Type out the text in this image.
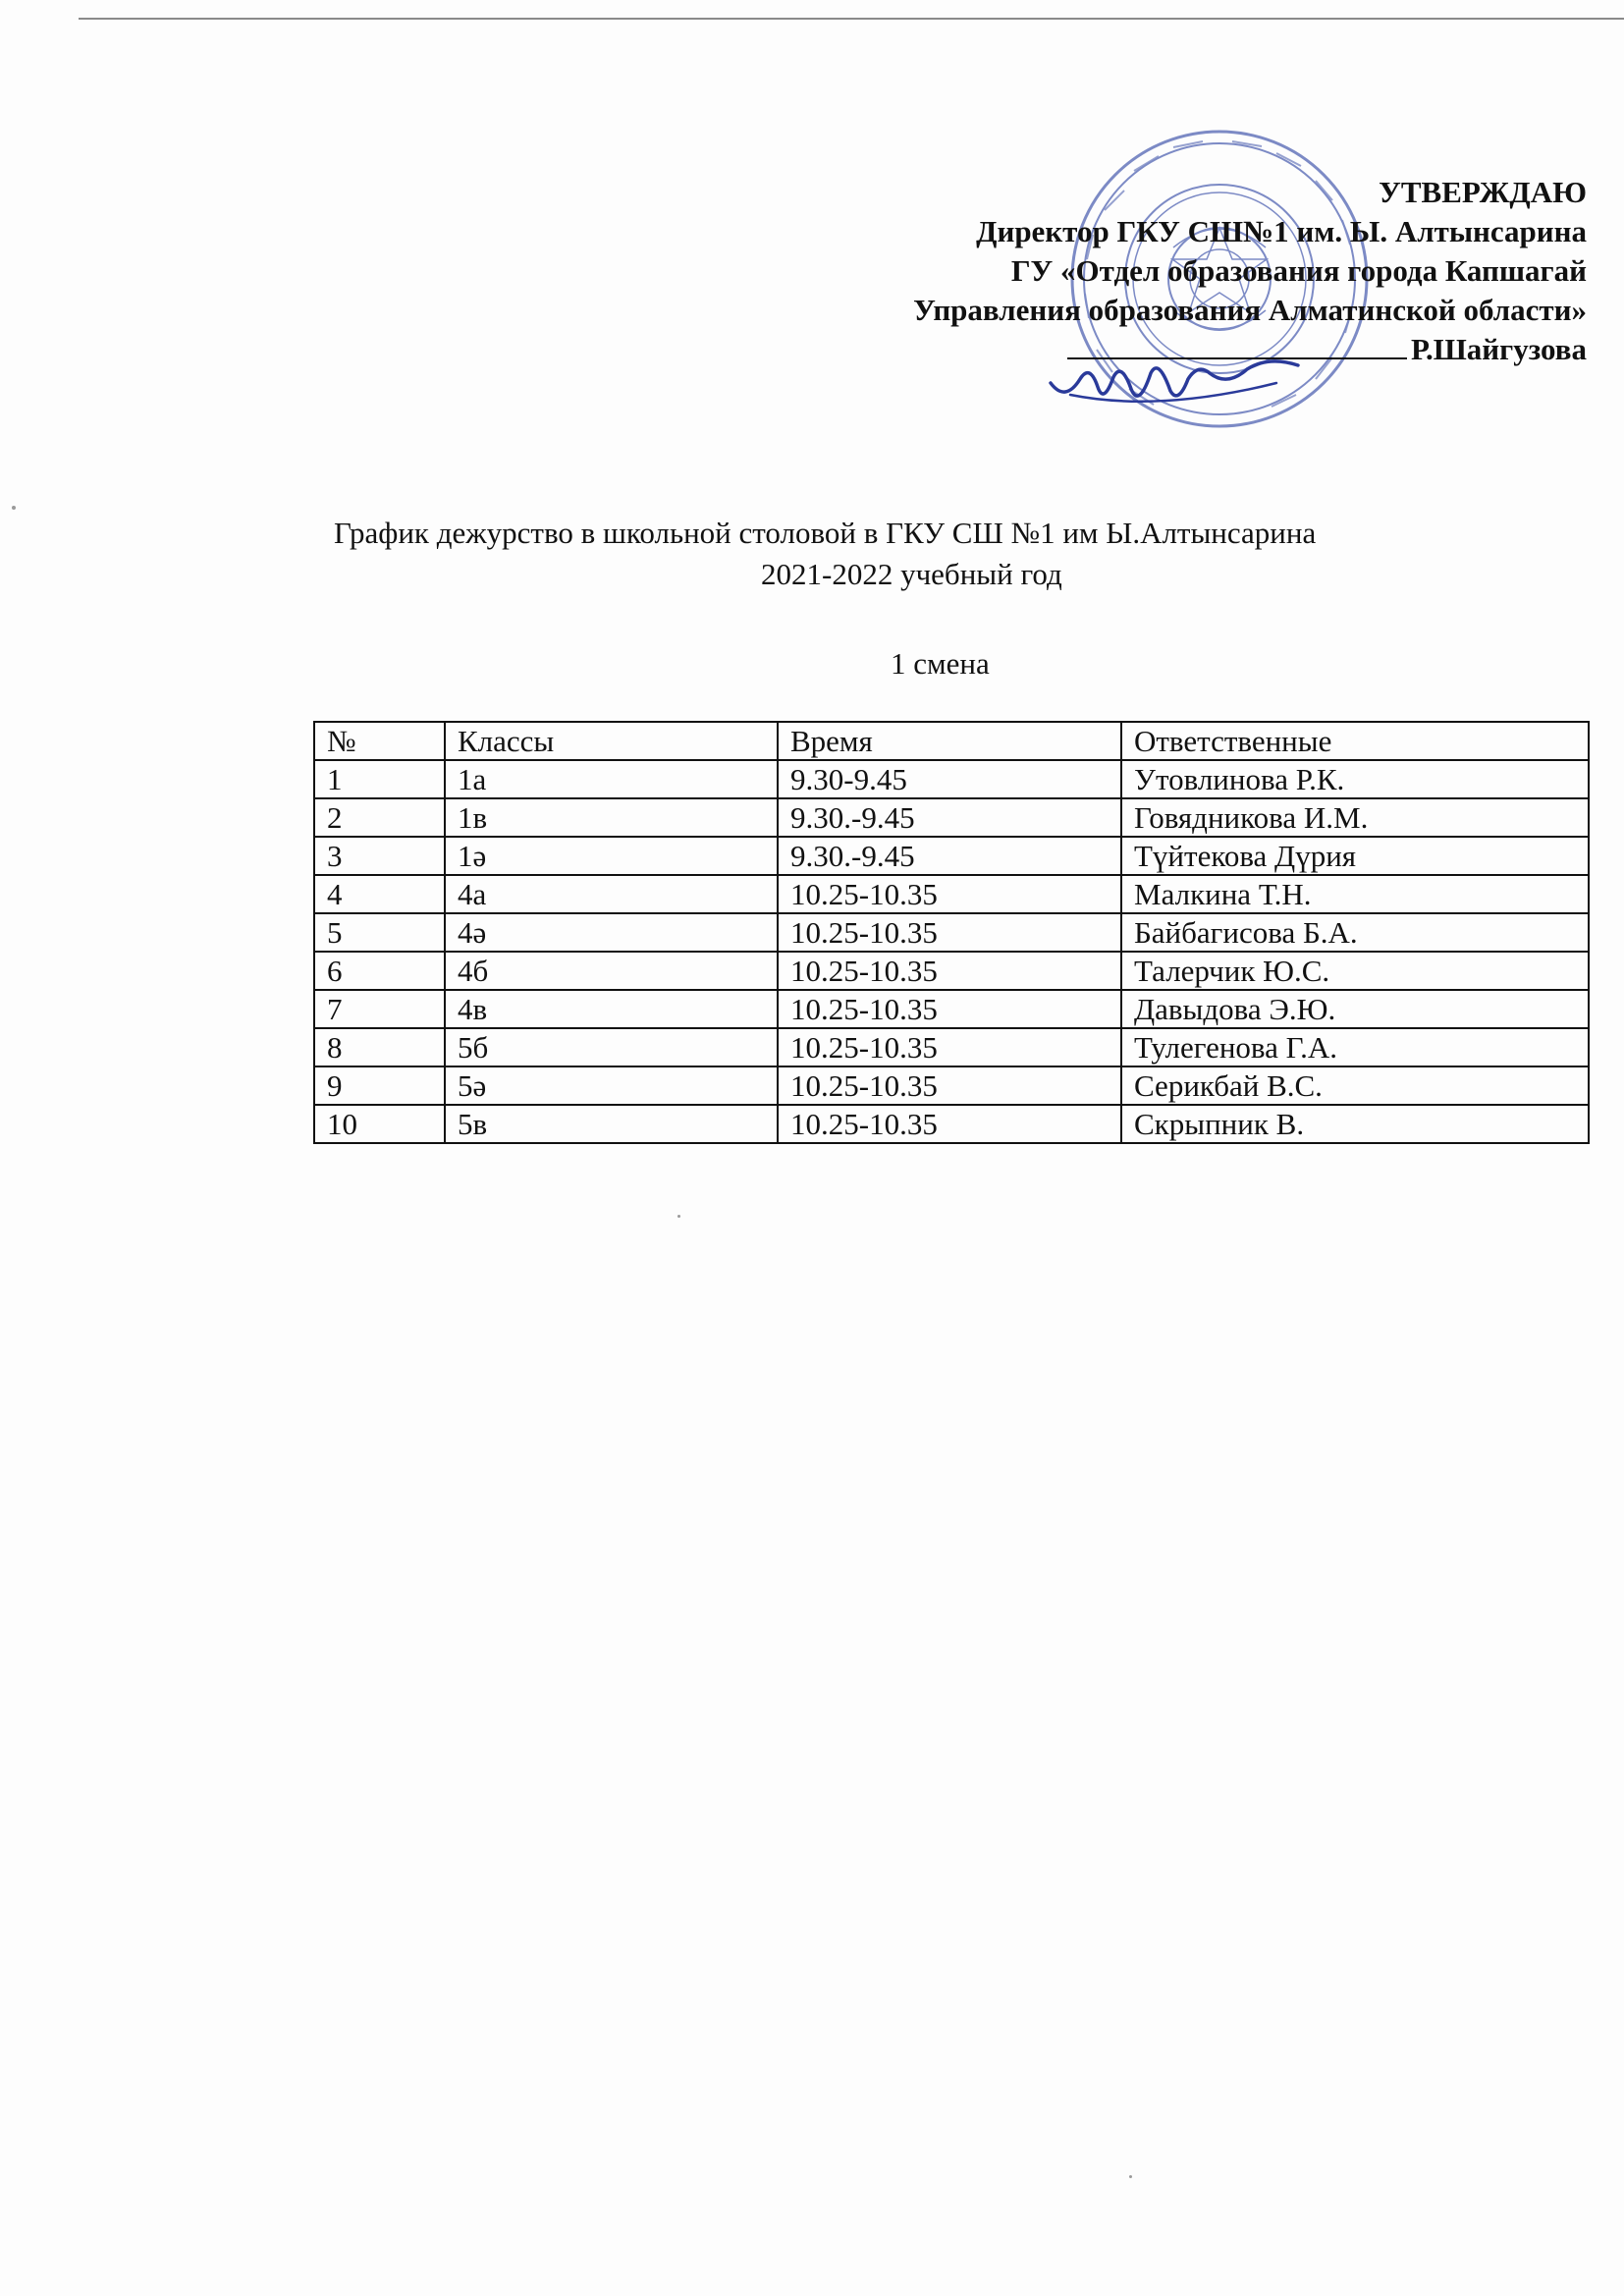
УТВЕРЖДАЮ
Директор ГКУ СШ№1 им. Ы. Алтынсарина
ГУ «Отдел образования города Капшагай
Управления образования Алматинской области»
Р.Шайгузова
График дежурство в школьной столовой в ГКУ СШ №1 им Ы.Алтынсарина
2021-2022 учебный год
1 смена
№	Классы	Время	Ответственные
1	1а	9.30-9.45	Утовлинова Р.К.
2	1в	9.30.-9.45	Говядникова И.М.
3	1ә	9.30.-9.45	Түйтекова Дүрия
4	4а	10.25-10.35	Малкина Т.Н.
5	4ә	10.25-10.35	Байбагисова Б.А.
6	4б	10.25-10.35	Талерчик Ю.С.
7	4в	10.25-10.35	Давыдова Э.Ю.
8	5б	10.25-10.35	Тулегенова Г.А.
9	5ә	10.25-10.35	Серикбай В.С.
10	5в	10.25-10.35	Скрыпник В.
